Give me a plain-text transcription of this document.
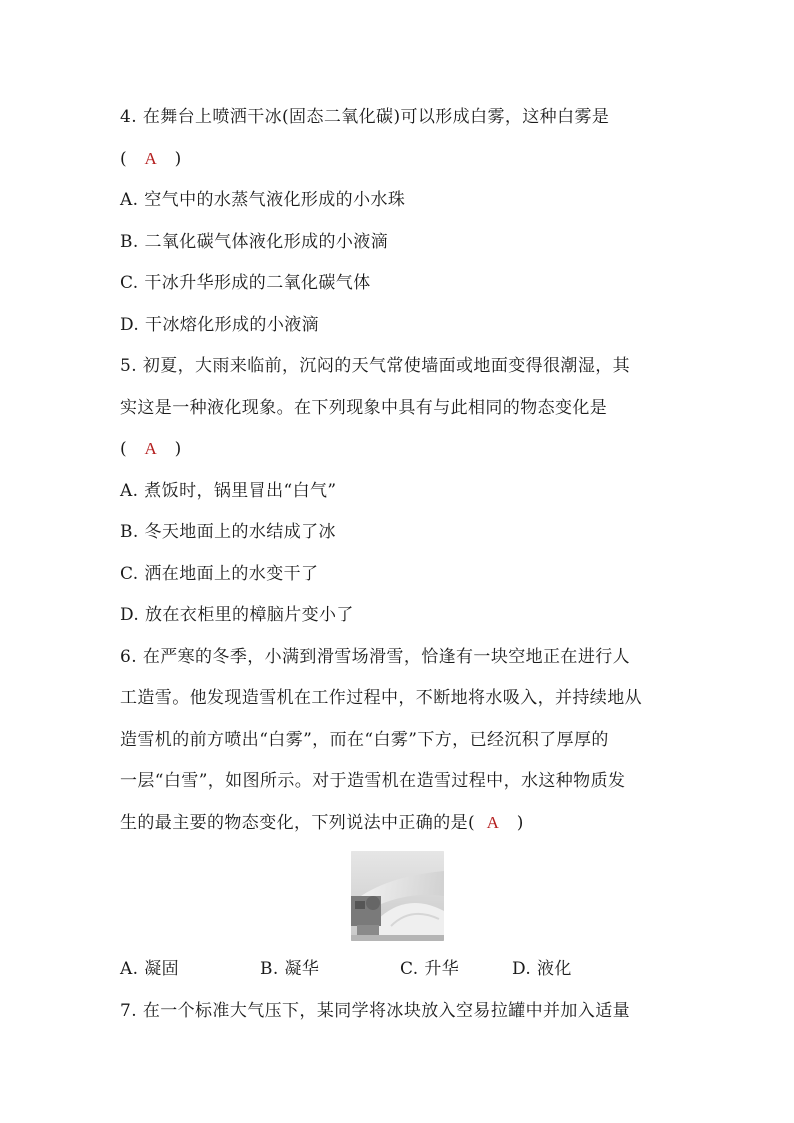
4. 在舞台上喷洒干冰(固态二氧化碳)可以形成白雾，这种白雾是
( A )
A. 空气中的水蒸气液化形成的小水珠
B. 二氧化碳气体液化形成的小液滴
C. 干冰升华形成的二氧化碳气体
D. 干冰熔化形成的小液滴
5. 初夏，大雨来临前，沉闷的天气常使墙面或地面变得很潮湿，其
实这是一种液化现象。在下列现象中具有与此相同的物态变化是
( A )
A. 煮饭时，锅里冒出“白气”
B. 冬天地面上的水结成了冰
C. 洒在地面上的水变干了
D. 放在衣柜里的樟脑片变小了
6. 在严寒的冬季，小满到滑雪场滑雪，恰逢有一块空地正在进行人
工造雪。他发现造雪机在工作过程中，不断地将水吸入，并持续地从
造雪机的前方喷出“白雾”，而在“白雾”下方，已经沉积了厚厚的
一层“白雪”，如图所示。对于造雪机在造雪过程中，水这种物质发
生的最主要的物态变化，下列说法中正确的是( A )
A. 凝固	B. 凝华	C. 升华	D. 液化
7. 在一个标准大气压下，某同学将冰块放入空易拉罐中并加入适量
